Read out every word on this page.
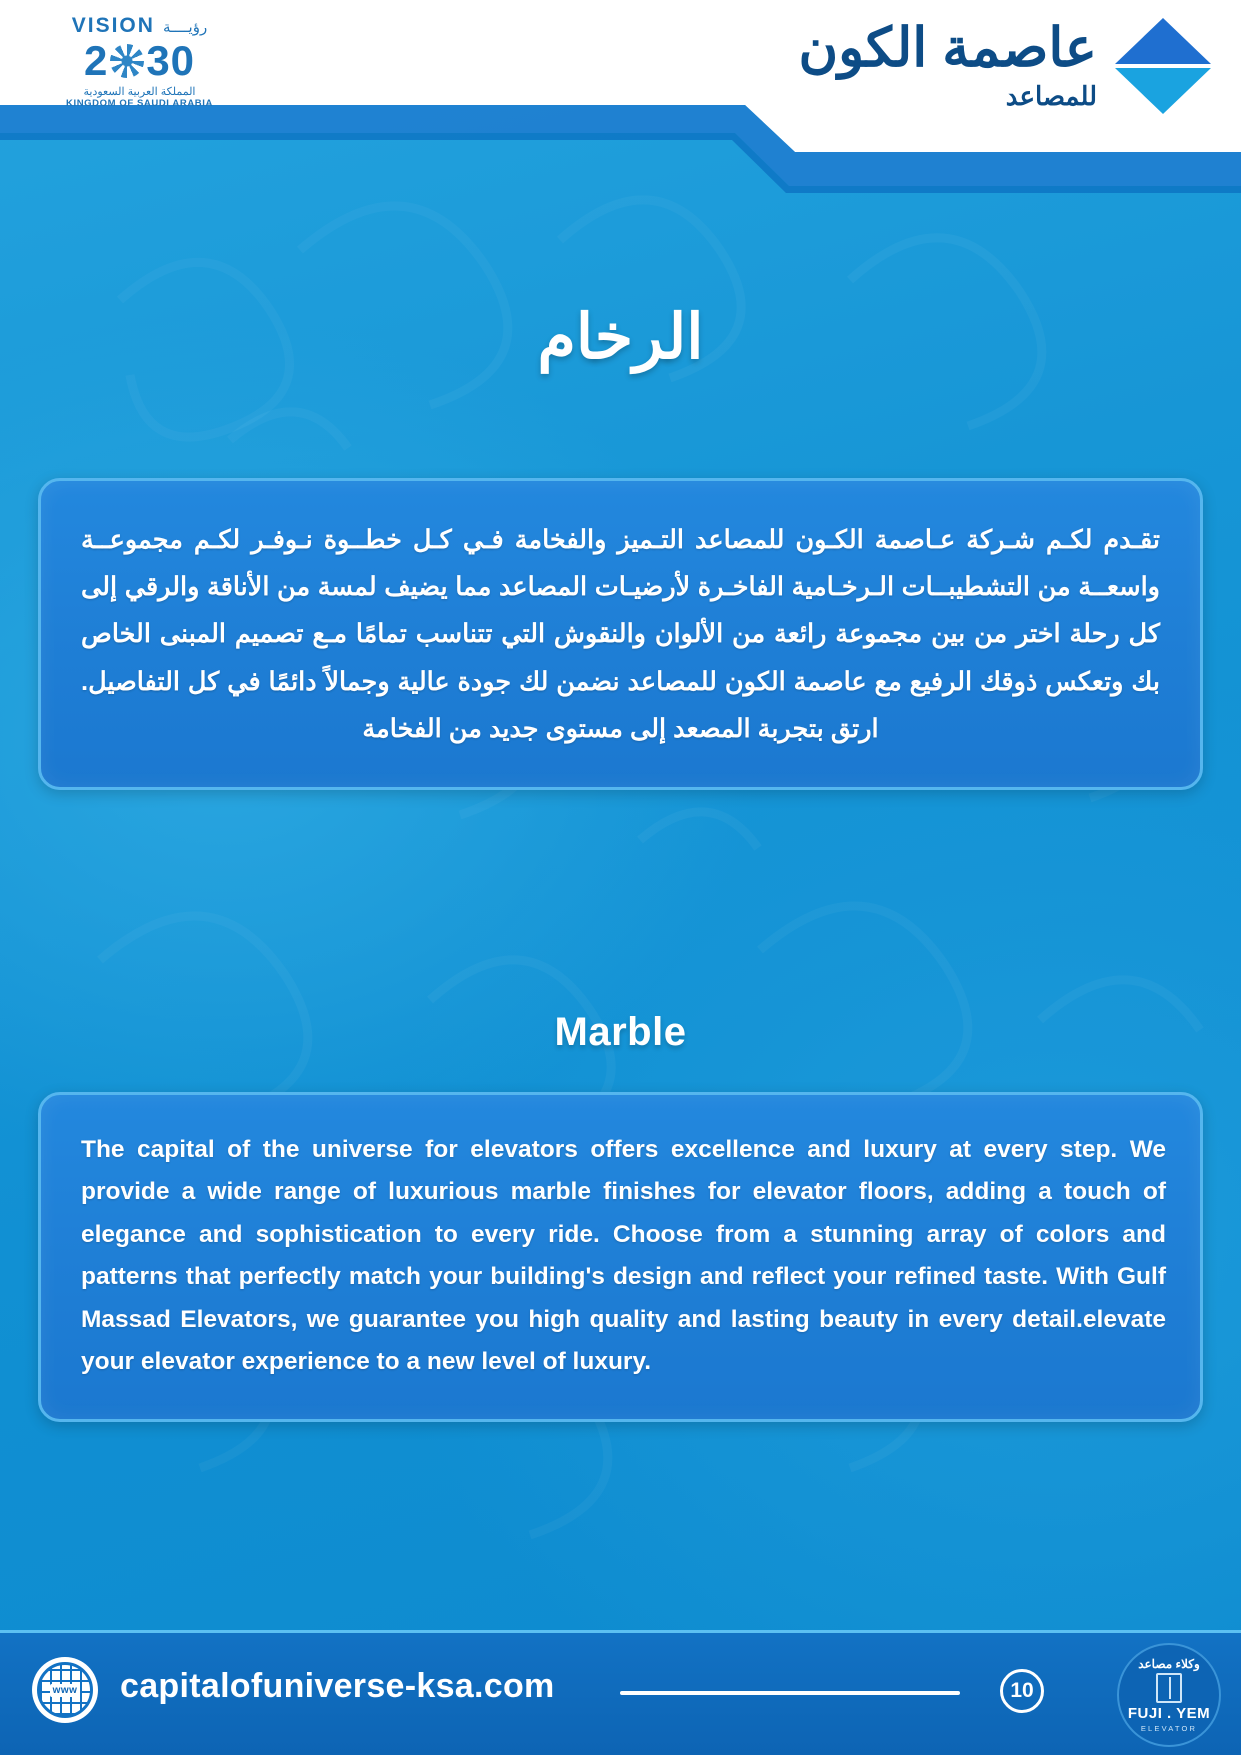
VISION رؤيــــة
2 30
المملكة العربية السعودية
KINGDOM OF SAUDI ARABIA
عاصمة الكون
للمصاعد
الرخام

تقـدم لكـم شـركة عـاصمة الكـون للمصاعد التـميز والفخامة فـي كـل خطــوة نـوفـر لكـم مجموعــة واسعــة من التشطيبــات الـرخـامية الفاخـرة لأرضيـات المصاعد مما يضيف لمسة من الأناقة والرقي إلى كل رحلة اختر من بين مجموعة رائعة من الألوان والنقوش التي تتناسب تمامًا مـع تصميم المبنى الخاص بك وتعكس ذوقك الرفيع مع عاصمة الكون للمصاعد نضمن لك جودة عالية وجمالاً دائمًا في كل التفاصيل. ارتق بتجربة المصعد إلى مستوى جديد من الفخامة

Marble

The capital of the universe for elevators offers excellence and luxury at every step. We provide a wide range of luxurious marble finishes for elevator floors, adding a touch of elegance and sophistication to every ride. Choose from a stunning array of colors and patterns that perfectly match your building's design and reflect your refined taste. With Gulf Massad Elevators, we guarantee you high quality and lasting beauty in every detail.elevate your elevator experience to a new level of luxury.

www capitalofuniverse-ksa.com	10
وكلاء مصاعد
FUJI . YEM
ELEVATOR
